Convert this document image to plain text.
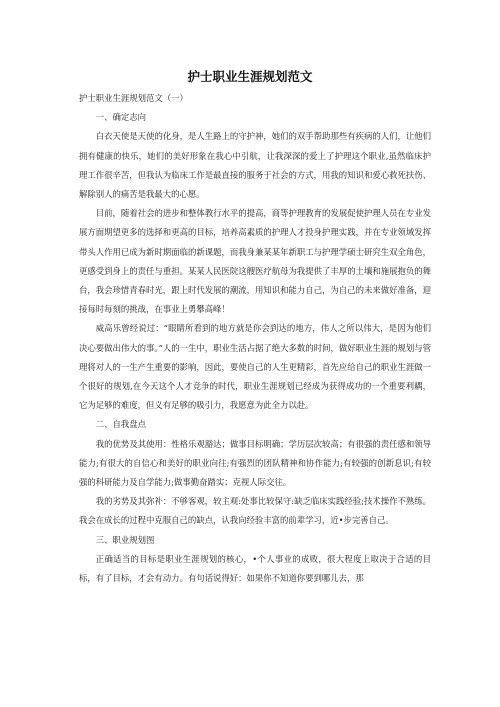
护士职业生涯规划范文

护士职业生涯规划范文（一）

一、确定志向

白衣天使是天使的化身，是人生路上的守护神，她们的双手帮助那些有疾病的人们，让他们拥有健康的快乐，她们的美好形象在我心中引航，让我深深的爱上了护理这个职业,虽然临床护理工作很辛苦，但我认为临床工作是最直接的服务于社会的方式，用我的知识和爱心救死扶伤、解除别人的痛苦是我最大的心愿。

目前，随着社会的进步和整体教行水平的提高，商等护理教育的发展促使护理人员在专业发展方面期望更多的选择和更高的目标，培养高素质的护理人才投身护理实践，并在专业领域发挥带头人作用已成为新时期面临的新课题，而我身兼某某年新职工与护理学硕士研究生双全角色，更感受到身上的责任与重担。某某人民医院这艘医疗航母为我提供了丰厚的土壤和施展抱负的舞台，我会珍惜青春时光，跟上时代发展的潮流，用知识和能力自己，为自己的未来做好准备，迎接每时每刻的挑战，在事业上勇攀高峰！

威高乐曾经说过：“眼睛所看到的地方就是你会到达的地方，伟人之所以伟大，是因为他们决心要做出伟大的事。”人的一生中，职业生活占据了绝大多数的时间，做好职业生涯的规划与管理将对人的一生产生重要的影响，因此，要使自己的人生更精彩，首先应给自己的职业生涯做一个很好的规划,在今天这个人才竞争的时代，职业生涯规划已经成为获得成功的一个重要利耦，它为足够的难度，但义有足够的吸引力，我愿意为此全力以赴。

二、自我盘点

我的优势及其使用：性格乐观豁达；做事目标明确；学历层次较高；有很强的责任感和领导能力;有很大的自信心和美好的职业向往;有强烈的团队精神和协作能力;有较强的创新息识;有较强的科研能力及自学能力;做事勤奋踏实；克视人际交往。

我的劣势及其弥补：不够客观，较主观:处事比较保守:缺乏临床实践经验;技术操作不熟练。我会在成长的过程中克服自己的缺点，认我向经验丰富的前辈学习，近•步完善自己。

三、职业规划图

正确适当的目标是职业生涯规划的核心，•个人事业的成败，很大程度上取决于合适的目标，有了目标，才会有动力。有句话说得好：如果你不知道你要到哪儿去，那
